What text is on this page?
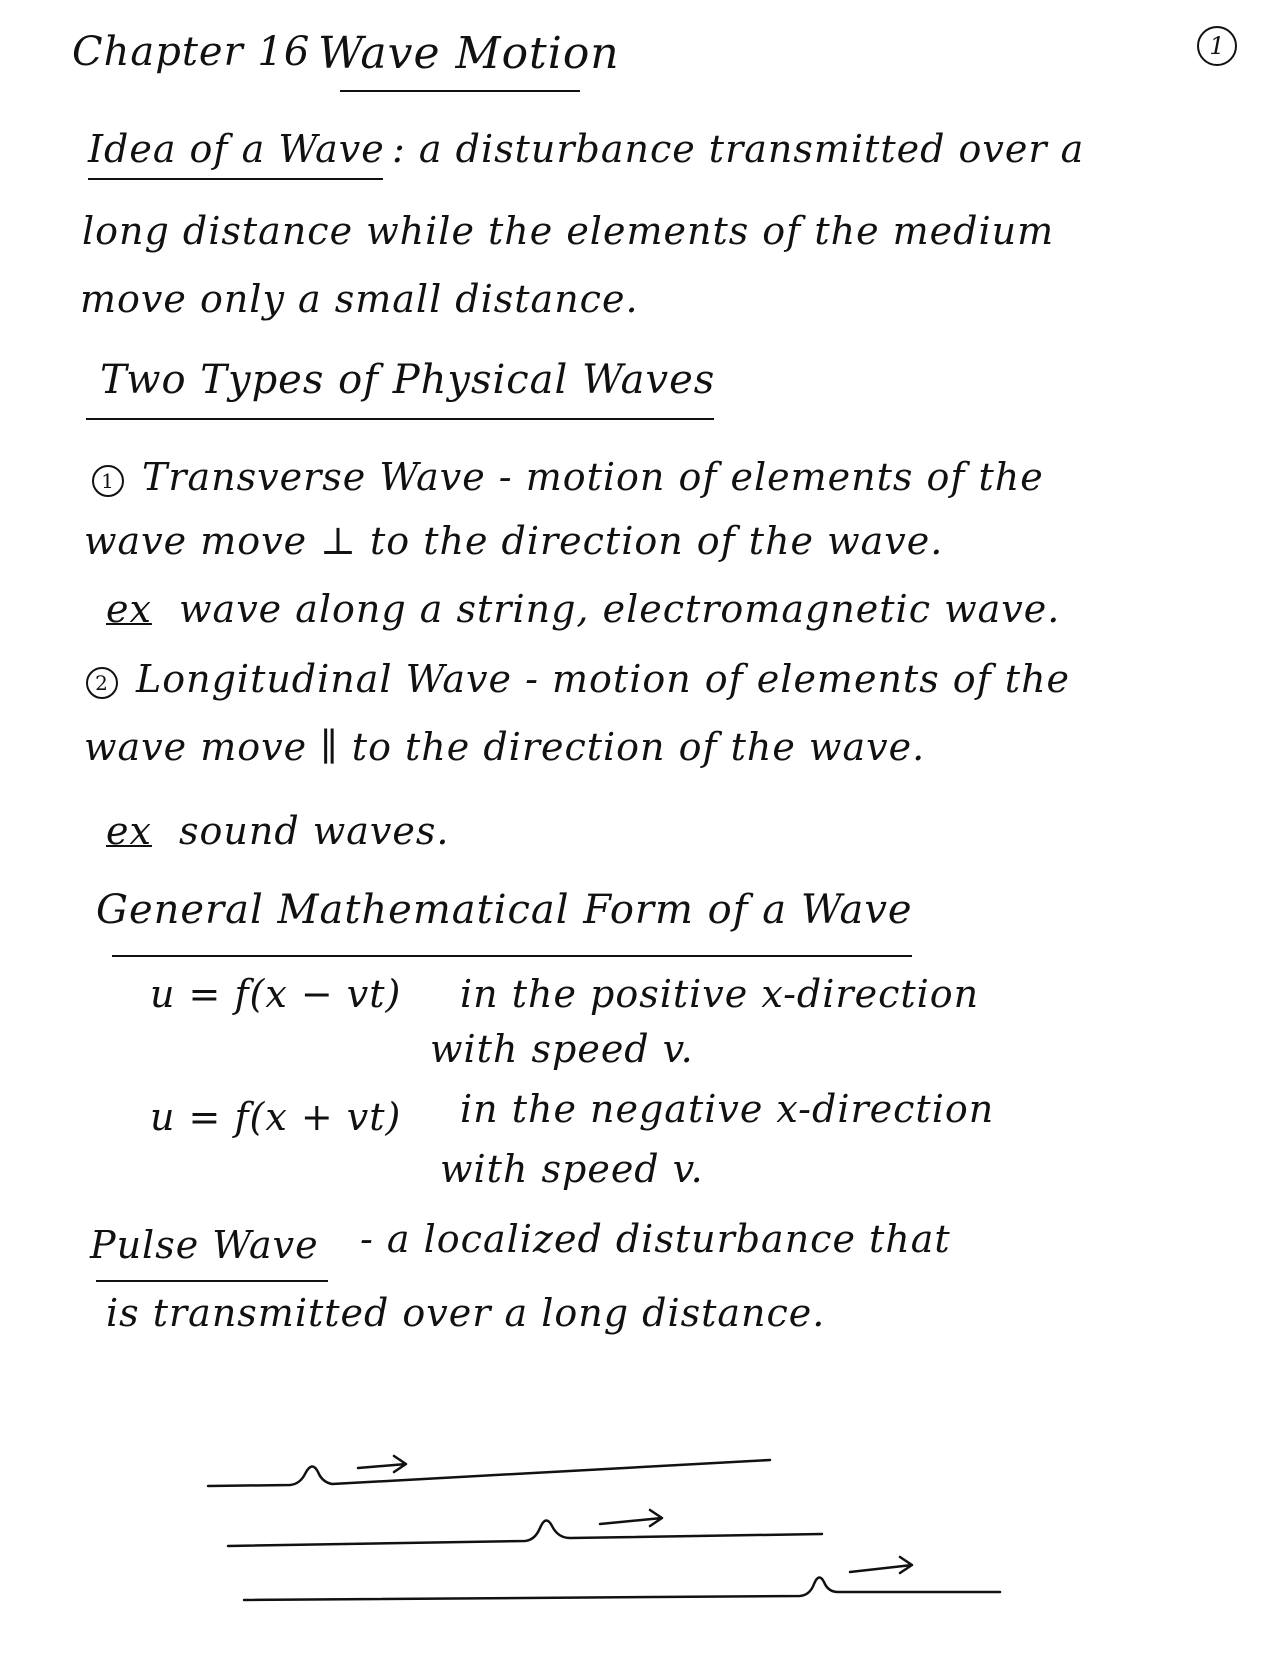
1
Chapter 16 Wave Motion
Idea of a Wave : a disturbance transmitted over a
long distance while the elements of the medium
move only a small distance.
Two Types of Physical Waves
1 Transverse Wave - motion of elements of the
wave move ⊥ to the direction of the wave.
ex wave along a string, electromagnetic wave.
2 Longitudinal Wave - motion of elements of the
wave move ∥ to the direction of the wave.
ex sound waves.
General Mathematical Form of a Wave
u = f(x − vt) in the positive x-direction
with speed v.
u = f(x + vt) in the negative x-direction
with speed v.
Pulse Wave - a localized disturbance that
is transmitted over a long distance.
